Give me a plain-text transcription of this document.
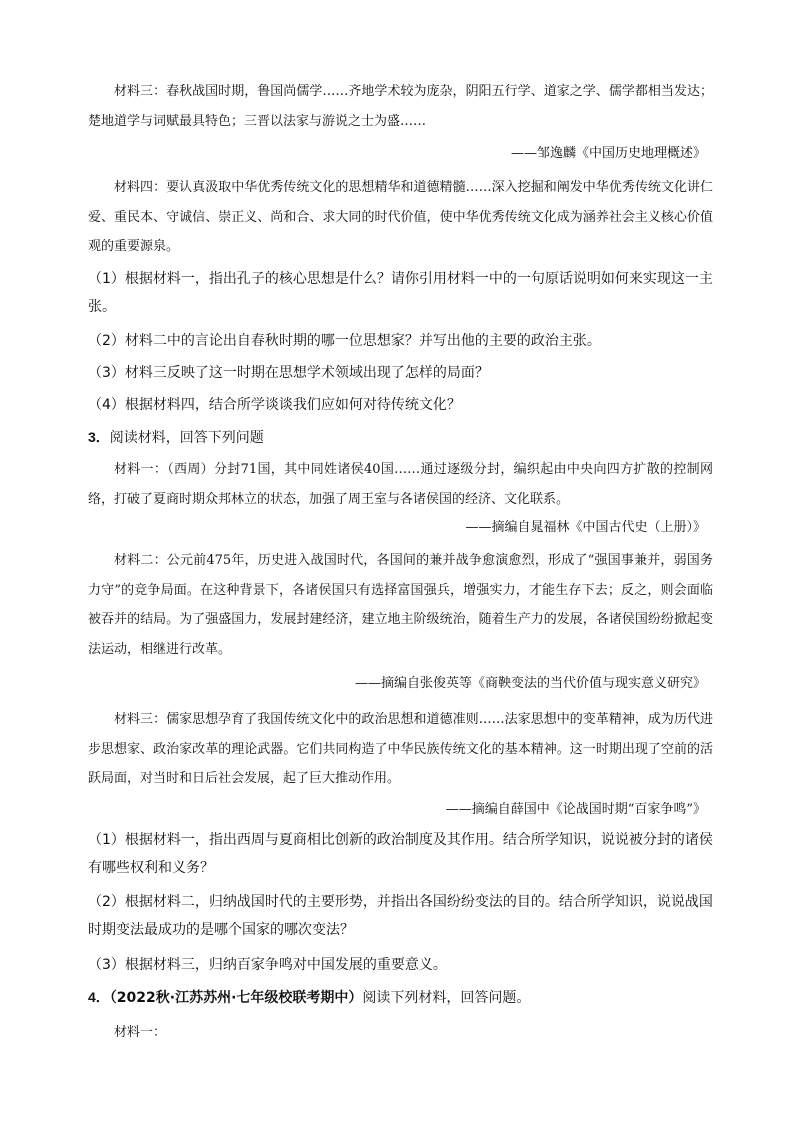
材料三：春秋战国时期，鲁国尚儒学……齐地学术较为庞杂，阴阳五行学、道家之学、儒学都相当发达；楚地道学与词赋最具特色；三晋以法家与游说之士为盛……

——邹逸麟《中国历史地理概述》

材料四：要认真汲取中华优秀传统文化的思想精华和道德精髓……深入挖掘和阐发中华优秀传统文化讲仁爱、重民本、守诚信、崇正义、尚和合、求大同的时代价值，使中华优秀传统文化成为涵养社会主义核心价值观的重要源泉。

（1）根据材料一，指出孔子的核心思想是什么？请你引用材料一中的一句原话说明如何来实现这一主张。

（2）材料二中的言论出自春秋时期的哪一位思想家？并写出他的主要的政治主张。

（3）材料三反映了这一时期在思想学术领域出现了怎样的局面？

（4）根据材料四，结合所学谈谈我们应如何对待传统文化？

3．阅读材料，回答下列问题

材料一：（西周）分封71国，其中同姓诸侯40国……通过逐级分封，编织起由中央向四方扩散的控制网络，打破了夏商时期众邦林立的状态，加强了周王室与各诸侯国的经济、文化联系。

——摘编自晁福林《中国古代史（上册）》

材料二：公元前475年，历史进入战国时代，各国间的兼并战争愈演愈烈，形成了“强国事兼并，弱国务力守”的竞争局面。在这种背景下，各诸侯国只有选择富国强兵，增强实力，才能生存下去；反之，则会面临被吞并的结局。为了强盛国力，发展封建经济，建立地主阶级统治，随着生产力的发展，各诸侯国纷纷掀起变法运动，相继进行改革。

——摘编自张俊英等《商鞅变法的当代价值与现实意义研究》

材料三：儒家思想孕育了我国传统文化中的政治思想和道德准则……法家思想中的变革精神，成为历代进步思想家、政治家改革的理论武器。它们共同构造了中华民族传统文化的基本精神。这一时期出现了空前的活跃局面，对当时和日后社会发展，起了巨大推动作用。

——摘编自薛国中《论战国时期“百家争鸣”》

（1）根据材料一，指出西周与夏商相比创新的政治制度及其作用。结合所学知识，说说被分封的诸侯有哪些权利和义务？

（2）根据材料二，归纳战国时代的主要形势，并指出各国纷纷变法的目的。结合所学知识，说说战国时期变法最成功的是哪个国家的哪次变法？

（3）根据材料三，归纳百家争鸣对中国发展的重要意义。

4．（2022秋·江苏苏州·七年级校联考期中）阅读下列材料，回答问题。

材料一：
